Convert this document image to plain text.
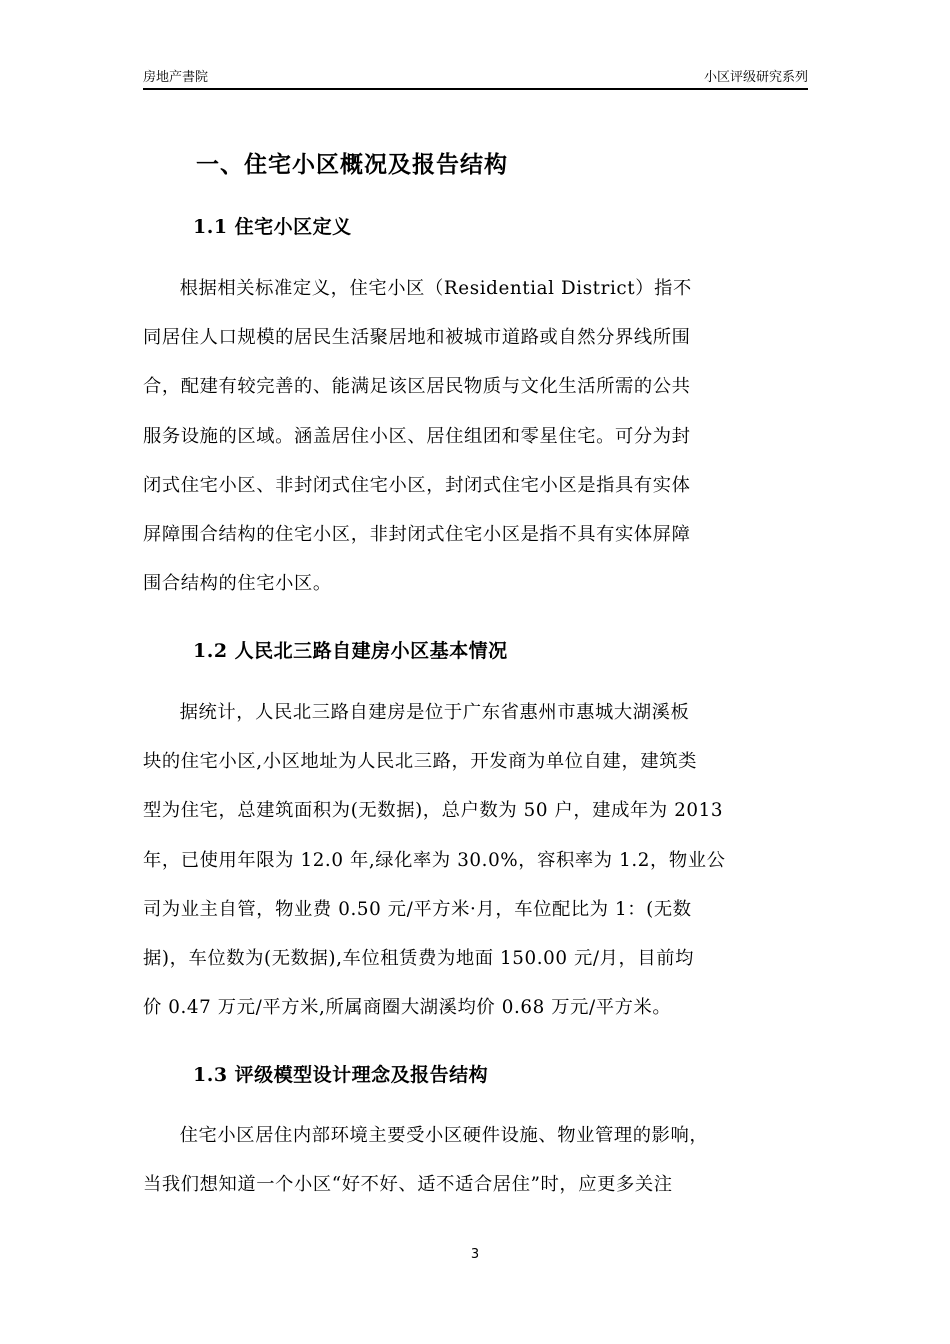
房地产書院	小区评级研究系列
一、住宅小区概况及报告结构
1.1 住宅小区定义
根据相关标准定义，住宅小区（Residential District）指不
同居住人口规模的居民生活聚居地和被城市道路或自然分界线所围
合，配建有较完善的、能满足该区居民物质与文化生活所需的公共
服务设施的区域。涵盖居住小区、居住组团和零星住宅。可分为封
闭式住宅小区、非封闭式住宅小区，封闭式住宅小区是指具有实体
屏障围合结构的住宅小区，非封闭式住宅小区是指不具有实体屏障
围合结构的住宅小区。
1.2 人民北三路自建房小区基本情况
据统计，人民北三路自建房是位于广东省惠州市惠城大湖溪板
块的住宅小区,小区地址为人民北三路，开发商为单位自建，建筑类
型为住宅，总建筑面积为(无数据)，总户数为 50 户，建成年为 2013
年，已使用年限为 12.0 年,绿化率为 30.0%，容积率为 1.2，物业公
司为业主自管，物业费 0.50 元/平方米·月，车位配比为 1：(无数
据)，车位数为(无数据),车位租赁费为地面 150.00 元/月，目前均
价 0.47 万元/平方米,所属商圈大湖溪均价 0.68 万元/平方米。
1.3 评级模型设计理念及报告结构
住宅小区居住内部环境主要受小区硬件设施、物业管理的影响，
当我们想知道一个小区“好不好、适不适合居住”时，应更多关注
3
